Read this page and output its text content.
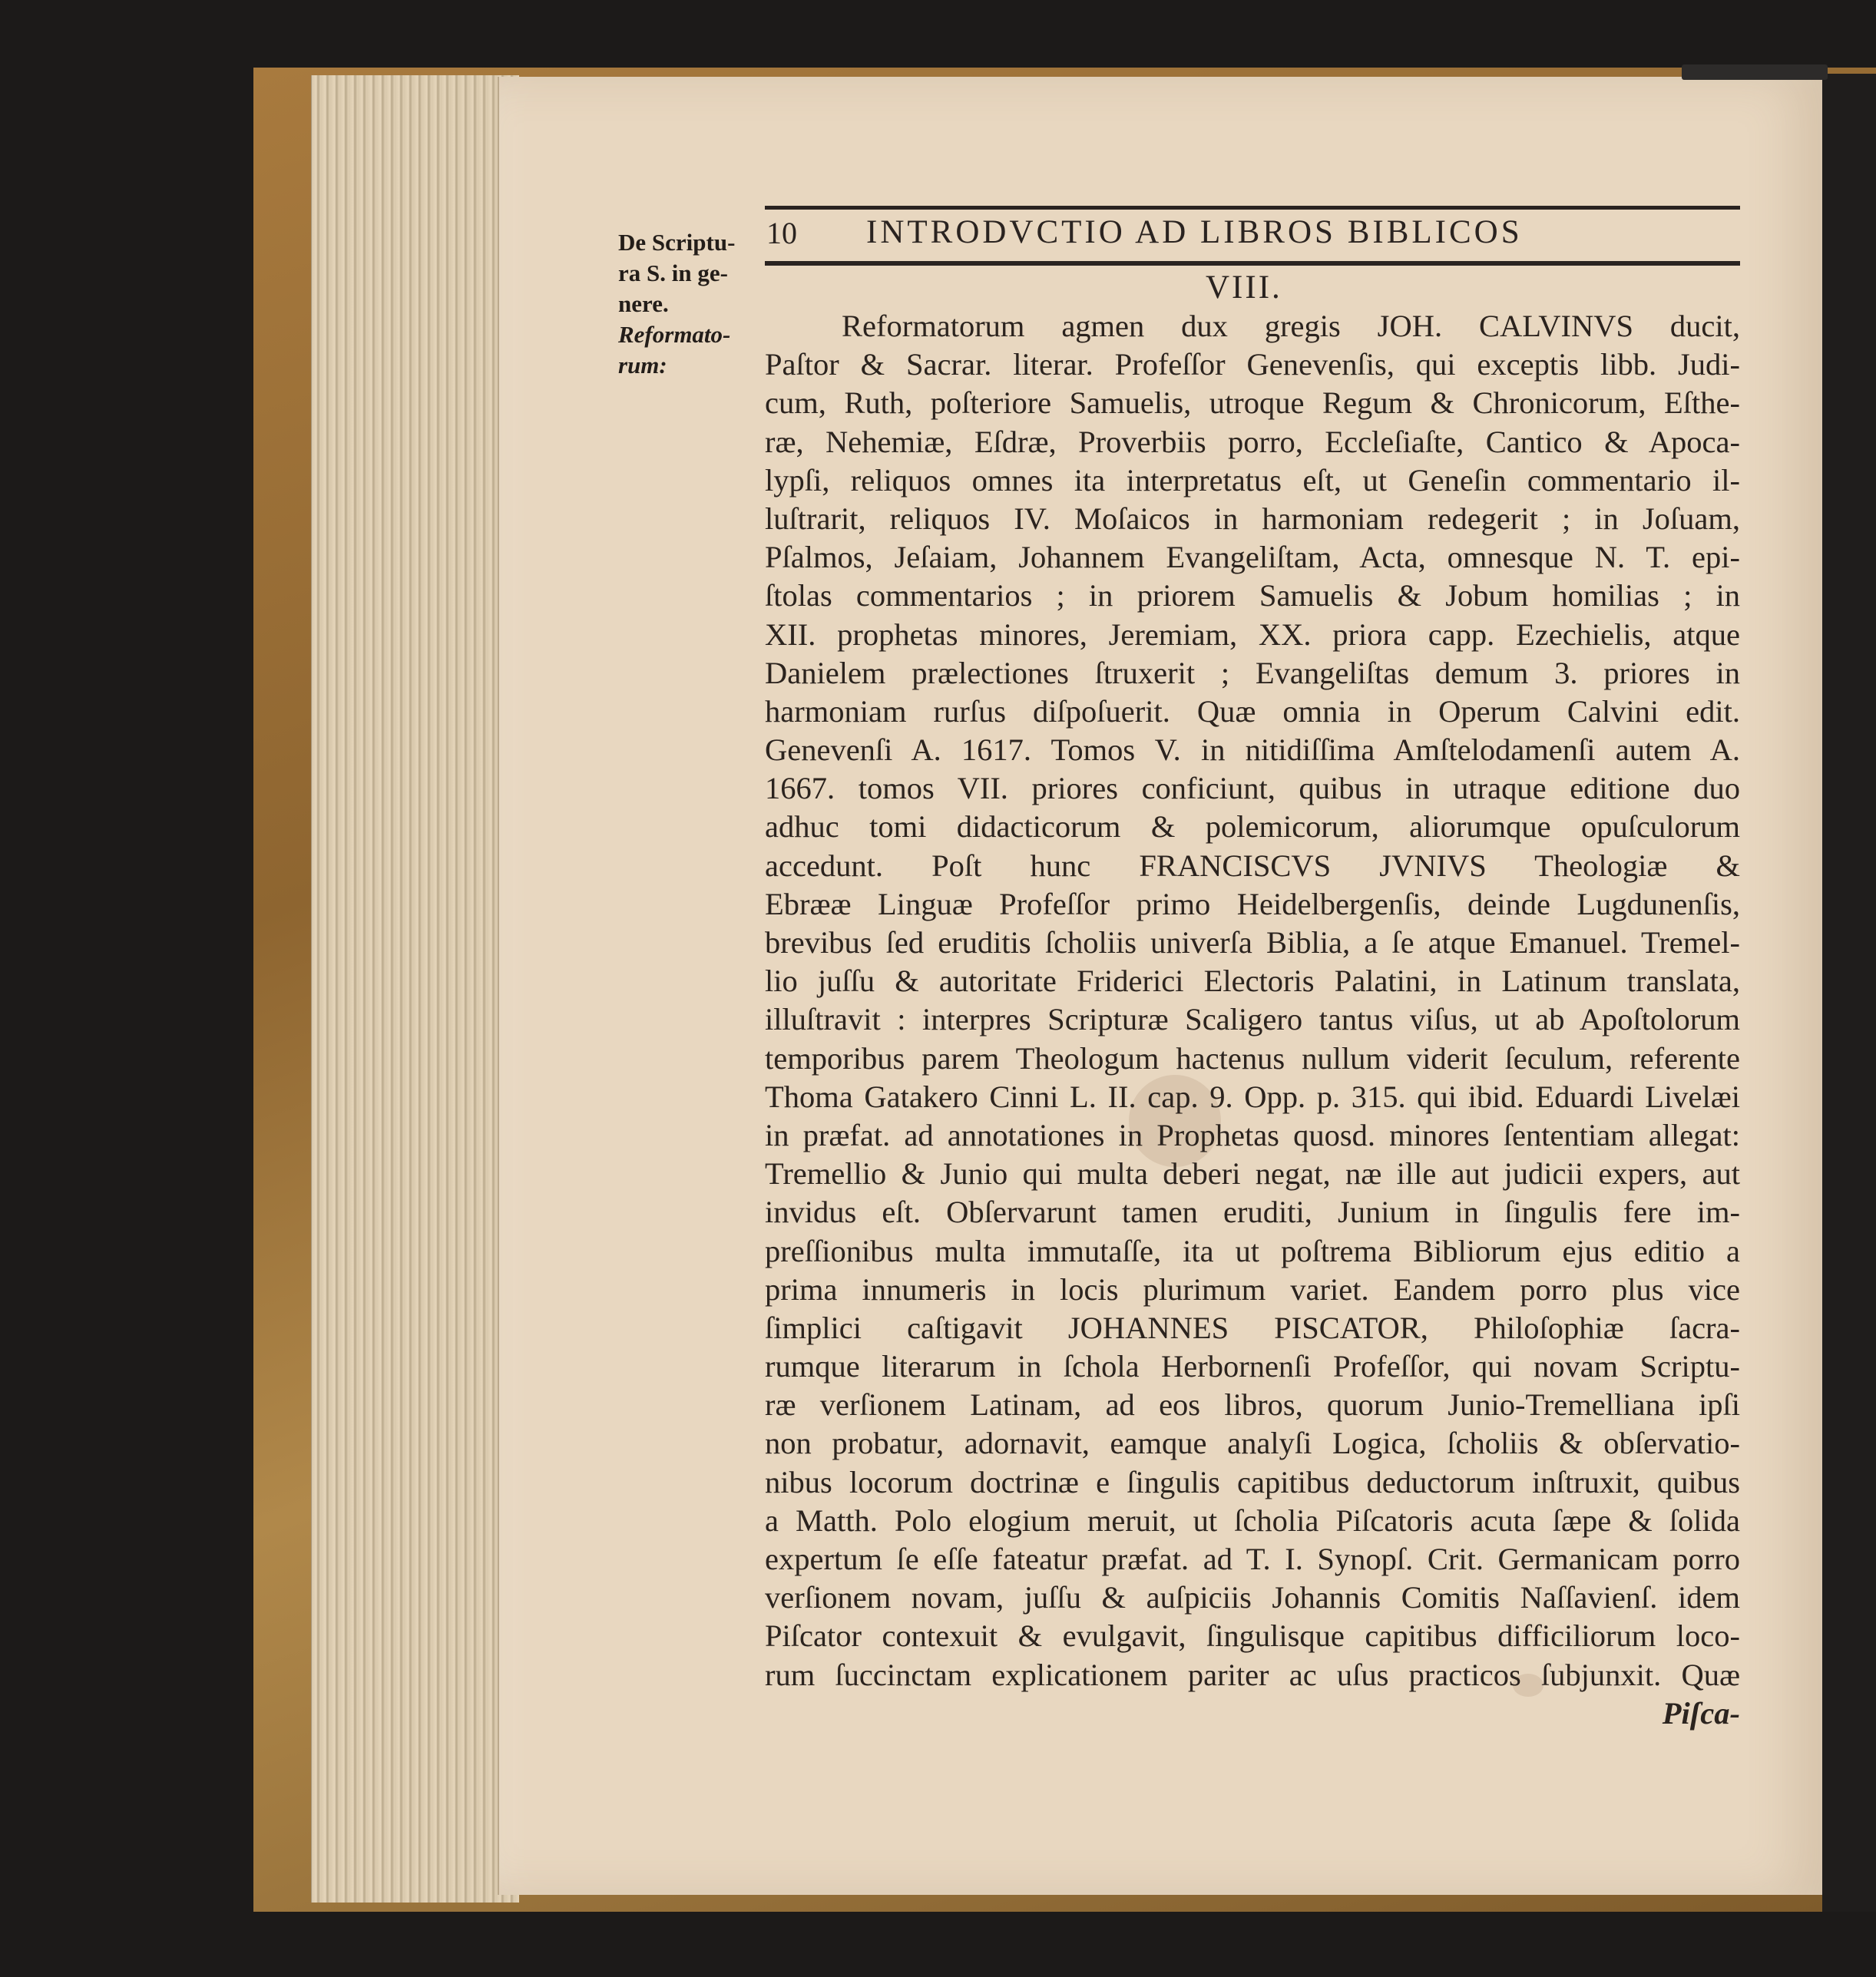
10 INTRODVCTIO AD LIBROS BIBLICOS
De Scriptu-
ra S. in ge-
nere.
Reformato-
rum:
VIII.
Reformatorum agmen dux gregis JOH. CALVINVS ducit,
Paſtor & Sacrar. literar. Profeſſor Genevenſis, qui exceptis libb. Judi-
cum, Ruth, poſteriore Samuelis, utroque Regum & Chronicorum, Eſthe-
ræ, Nehemiæ, Eſdræ, Proverbiis porro, Eccleſiaſte, Cantico & Apoca-
lypſi, reliquos omnes ita interpretatus eſt, ut Geneſin commentario il-
luſtrarit, reliquos IV. Moſaicos in harmoniam redegerit ; in Joſuam,
Pſalmos, Jeſaiam, Johannem Evangeliſtam, Acta, omnesque N. T. epi-
ſtolas commentarios ; in priorem Samuelis & Jobum homilias ; in
XII. prophetas minores, Jeremiam, XX. priora capp. Ezechielis, atque
Danielem prælectiones ſtruxerit ; Evangeliſtas demum 3. priores in
harmoniam rurſus diſpoſuerit. Quæ omnia in Operum Calvini edit.
Genevenſi A. 1617. Tomos V. in nitidiſſima Amſtelodamenſi autem A.
1667. tomos VII. priores conficiunt, quibus in utraque editione duo
adhuc tomi didacticorum & polemicorum, aliorumque opuſculorum
accedunt. Poſt hunc FRANCISCVS JVNIVS Theologiæ &
Ebrææ Linguæ Profeſſor primo Heidelbergenſis, deinde Lugdunenſis,
brevibus ſed eruditis ſcholiis univerſa Biblia, a ſe atque Emanuel. Tremel-
lio juſſu & autoritate Friderici Electoris Palatini, in Latinum translata,
illuſtravit : interpres Scripturæ Scaligero tantus viſus, ut ab Apoſtolorum
temporibus parem Theologum hactenus nullum viderit ſeculum, referente
Thoma Gatakero Cinni L. II. cap. 9. Opp. p. 315. qui ibid. Eduardi Livelæi
in præfat. ad annotationes in Prophetas quosd. minores ſententiam allegat:
Tremellio & Junio qui multa deberi negat, næ ille aut judicii expers, aut
invidus eſt. Obſervarunt tamen eruditi, Junium in ſingulis fere im-
preſſionibus multa immutaſſe, ita ut poſtrema Bibliorum ejus editio a
prima innumeris in locis plurimum variet. Eandem porro plus vice
ſimplici caſtigavit JOHANNES PISCATOR, Philoſophiæ ſacra-
rumque literarum in ſchola Herbornenſi Profeſſor, qui novam Scriptu-
ræ verſionem Latinam, ad eos libros, quorum Junio-Tremelliana ipſi
non probatur, adornavit, eamque analyſi Logica, ſcholiis & obſervatio-
nibus locorum doctrinæ e ſingulis capitibus deductorum inſtruxit, quibus
a Matth. Polo elogium meruit, ut ſcholia Piſcatoris acuta ſæpe & ſolida
expertum ſe eſſe fateatur præfat. ad T. I. Synopſ. Crit. Germanicam porro
verſionem novam, juſſu & auſpiciis Johannis Comitis Naſſavienſ. idem
Piſcator contexuit & evulgavit, ſingulisque capitibus difficiliorum loco-
rum ſuccinctam explicationem pariter ac uſus practicos ſubjunxit. Quæ
Piſca-
